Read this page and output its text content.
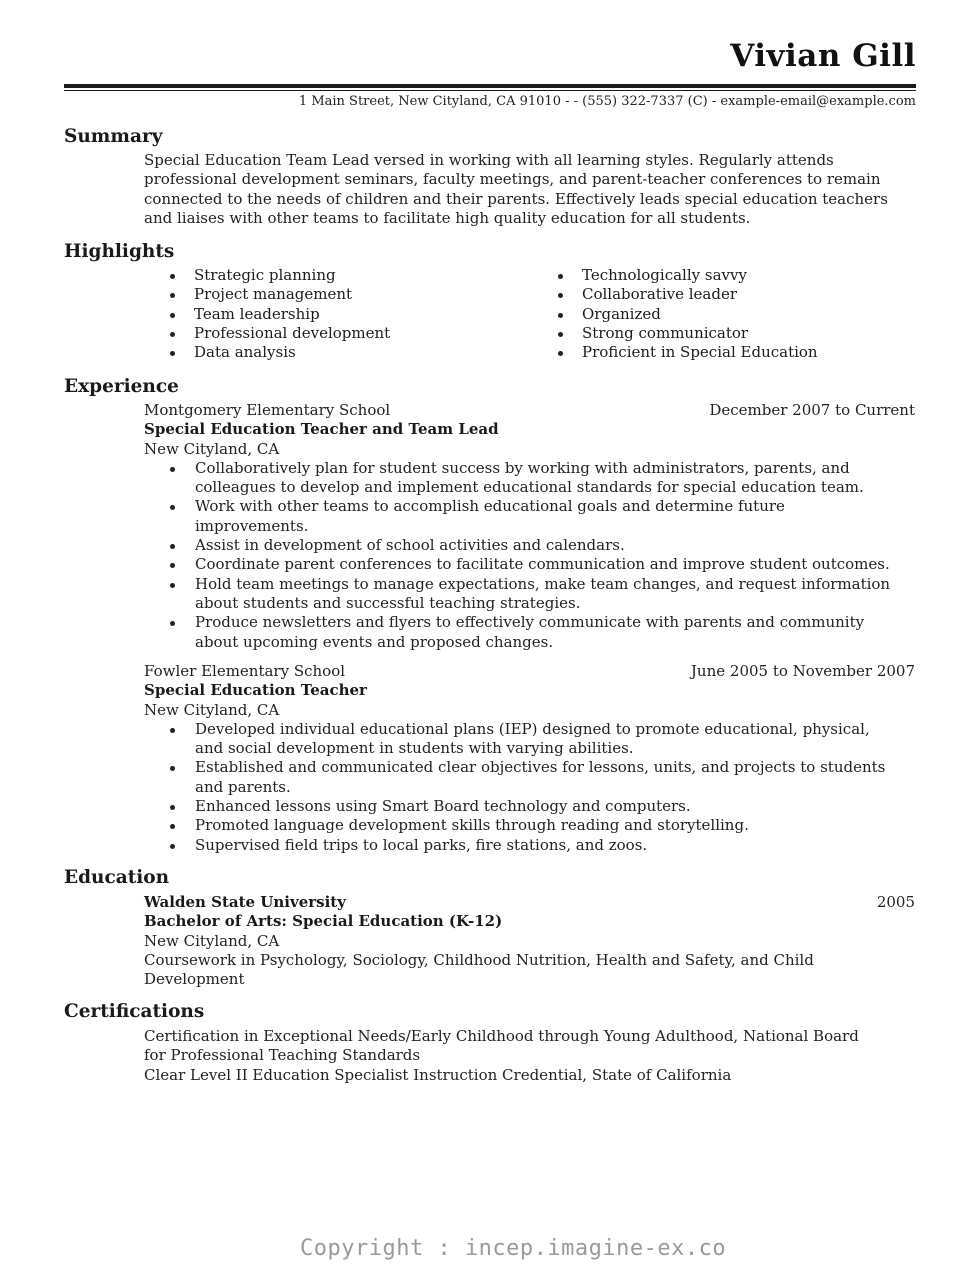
Vivian Gill
1 Main Street, New Cityland, CA 91010 - - (555) 322-7337 (C) - example-email@example.com
Summary
Special Education Team Lead versed in working with all learning styles. Regularly attends
professional development seminars, faculty meetings, and parent-teacher conferences to remain
connected to the needs of children and their parents. Effectively leads special education teachers
and liaises with other teams to facilitate high quality education for all students.
Highlights
Strategic planning
Project management
Team leadership
Professional development
Data analysis
Technologically savvy
Collaborative leader
Organized
Strong communicator
Proficient in Special Education
Experience
Montgomery Elementary School	December 2007 to Current
Special Education Teacher and Team Lead
New Cityland, CA
Collaboratively plan for student success by working with administrators, parents, and
colleagues to develop and implement educational standards for special education team.
Work with other teams to accomplish educational goals and determine future
improvements.
Assist in development of school activities and calendars.
Coordinate parent conferences to facilitate communication and improve student outcomes.
Hold team meetings to manage expectations, make team changes, and request information
about students and successful teaching strategies.
Produce newsletters and flyers to effectively communicate with parents and community
about upcoming events and proposed changes.
Fowler Elementary School	June 2005 to November 2007
Special Education Teacher
New Cityland, CA
Developed individual educational plans (IEP) designed to promote educational, physical,
and social development in students with varying abilities.
Established and communicated clear objectives for lessons, units, and projects to students
and parents.
Enhanced lessons using Smart Board technology and computers.
Promoted language development skills through reading and storytelling.
Supervised field trips to local parks, fire stations, and zoos.
Education
Walden State University	2005
Bachelor of Arts: Special Education (K-12)
New Cityland, CA
Coursework in Psychology, Sociology, Childhood Nutrition, Health and Safety, and Child
Development
Certifications
Certification in Exceptional Needs/Early Childhood through Young Adulthood, National Board
for Professional Teaching Standards
Clear Level II Education Specialist Instruction Credential, State of California
Copyright : incep.imagine-ex.co
